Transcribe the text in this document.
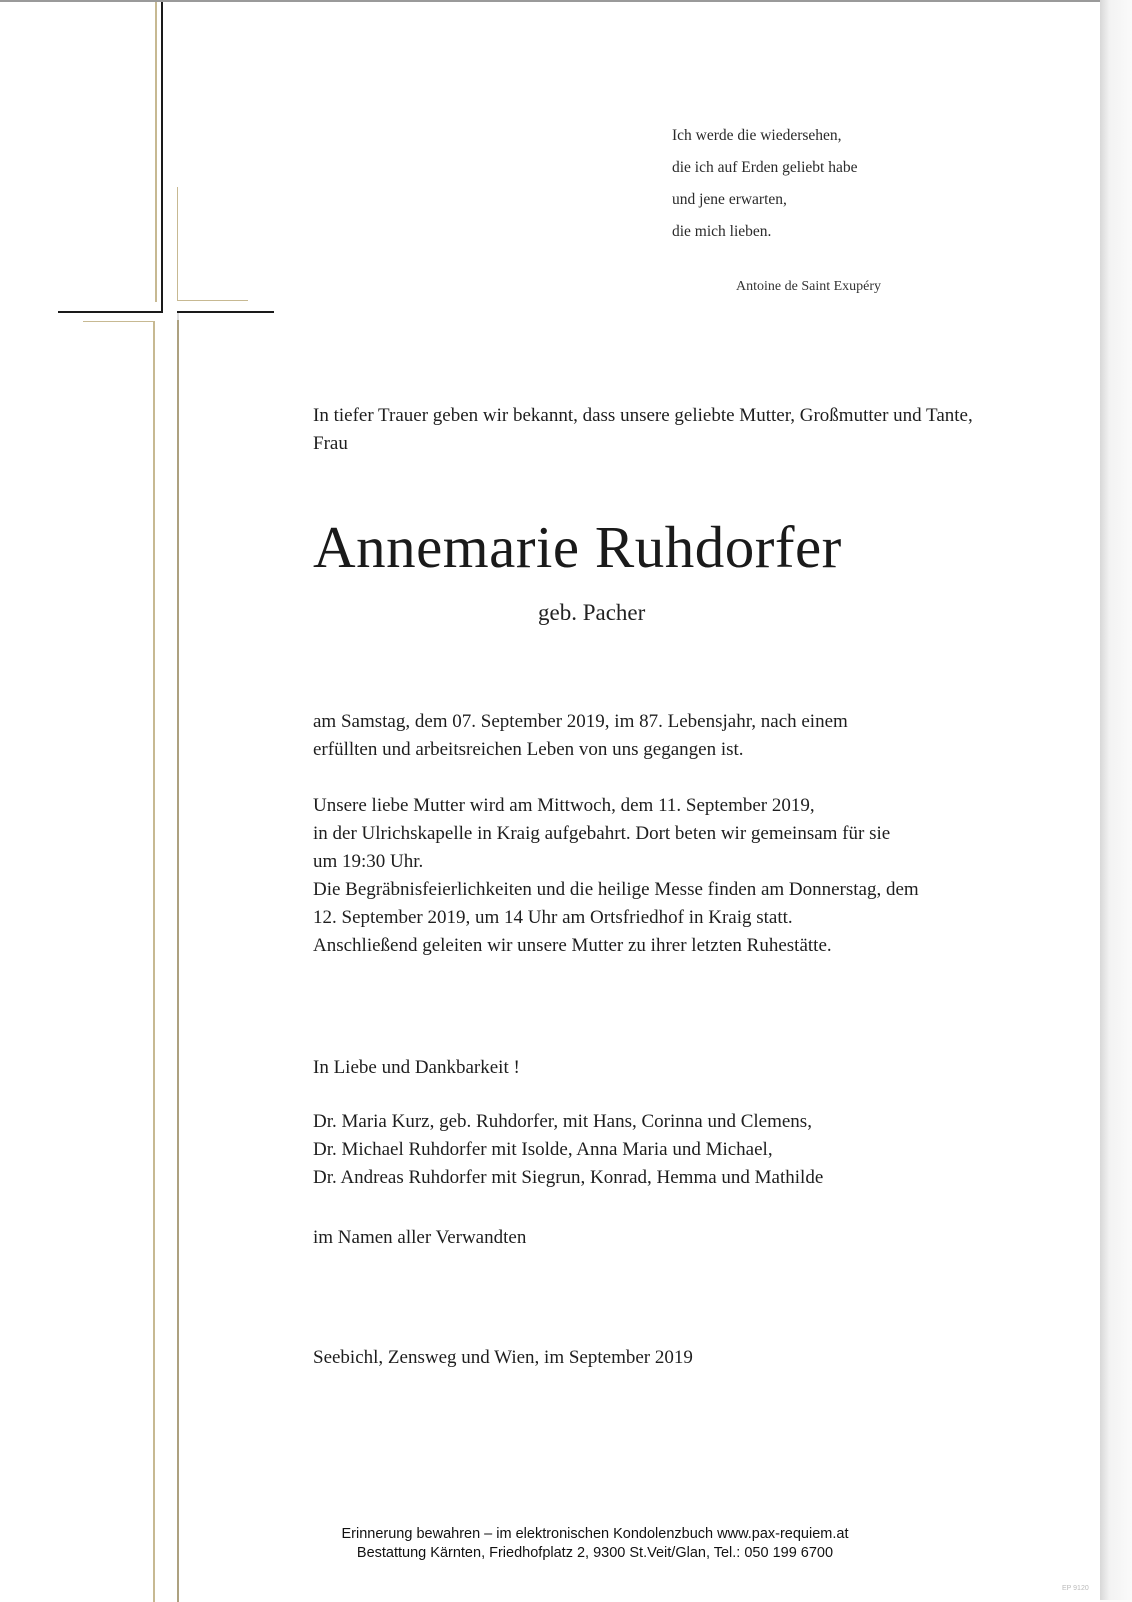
Ich werde die wiedersehen,
die ich auf Erden geliebt habe
und jene erwarten,
die mich lieben.
Antoine de Saint Exupéry
In tiefer Trauer geben wir bekannt, dass unsere geliebte Mutter, Großmutter und Tante,
Frau
Annemarie Ruhdorfer
geb. Pacher
am Samstag, dem 07. September 2019, im 87. Lebensjahr, nach einem
erfüllten und arbeitsreichen Leben von uns gegangen ist.
Unsere liebe Mutter wird am Mittwoch, dem 11. September 2019,
in der Ulrichskapelle in Kraig aufgebahrt. Dort beten wir gemeinsam für sie
um 19:30 Uhr.
Die Begräbnisfeierlichkeiten und die heilige Messe finden am Donnerstag, dem
12. September 2019, um 14 Uhr am Ortsfriedhof in Kraig statt.
Anschließend geleiten wir unsere Mutter zu ihrer letzten Ruhestätte.
In Liebe und Dankbarkeit !
Dr. Maria Kurz, geb. Ruhdorfer, mit Hans, Corinna und Clemens,
Dr. Michael Ruhdorfer mit Isolde, Anna Maria und Michael,
Dr. Andreas Ruhdorfer mit Siegrun, Konrad, Hemma und Mathilde
im Namen aller Verwandten
Seebichl, Zensweg und Wien, im September 2019
Erinnerung bewahren – im elektronischen Kondolenzbuch www.pax-requiem.at
Bestattung Kärnten, Friedhofplatz 2, 9300 St.Veit/Glan, Tel.: 050 199 6700
EP 9120
